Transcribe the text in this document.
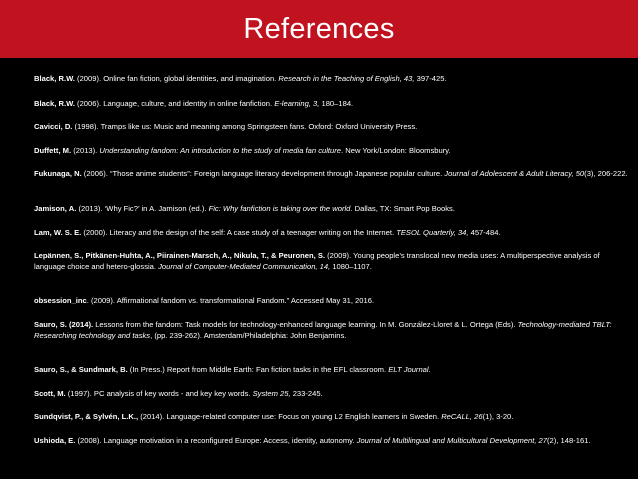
References

Black, R.W. (2009). Online fan fiction, global identities, and imagination. Research in the Teaching of English, 43, 397-425.

Black, R.W. (2006). Language, culture, and identity in online fanfiction. E-learning, 3, 180–184.

Cavicci, D. (1998). Tramps like us: Music and meaning among Springsteen fans. Oxford: Oxford University Press.

Duffett, M. (2013). Understanding fandom: An introduction to the study of media fan culture. New York/London: Bloomsbury.

Fukunaga, N. (2006). “Those anime students”: Foreign language literacy development through Japanese popular culture. Journal of Adolescent & Adult Literacy, 50(3), 206-222.

Jamison, A. (2013). ‘Why Fic?’ in A. Jamison (ed.). Fic: Why fanfiction is taking over the world. Dallas, TX: Smart Pop Books.

Lam, W. S. E. (2000). Literacy and the design of the self: A case study of a teenager writing on the Internet. TESOL Quarterly, 34, 457-484.

Lepännen, S., Pitkänen-Huhta, A., Piirainen-Marsch, A., Nikula, T., & Peuronen, S. (2009). Young people’s translocal new media uses: A multiperspective analysis of language choice and hetero-glossia. Journal of Computer-Mediated Communication, 14, 1080–1107.

obsession_inc. (2009). Affirmational fandom vs. transformational Fandom.” Accessed May 31, 2016.

Sauro, S. (2014). Lessons from the fandom: Task models for technology-enhanced language learning. In M. González-Lloret & L. Ortega (Eds). Technology-mediated TBLT: Researching technology and tasks, (pp. 239-262). Amsterdam/Philadelphia: John Benjamins.

Sauro, S., & Sundmark, B. (In Press.) Report from Middle Earth: Fan fiction tasks in the EFL classroom. ELT Journal.

Scott, M. (1997). PC analysis of key words - and key key words. System 25, 233-245.

Sundqvist, P., & Sylvén, L.K., (2014). Language-related computer use: Focus on young L2 English learners in Sweden. ReCALL, 26(1), 3-20.

Ushioda, E. (2008). Language motivation in a reconfigured Europe: Access, identity, autonomy. Journal of Multilingual and Multicultural Development, 27(2), 148-161.
